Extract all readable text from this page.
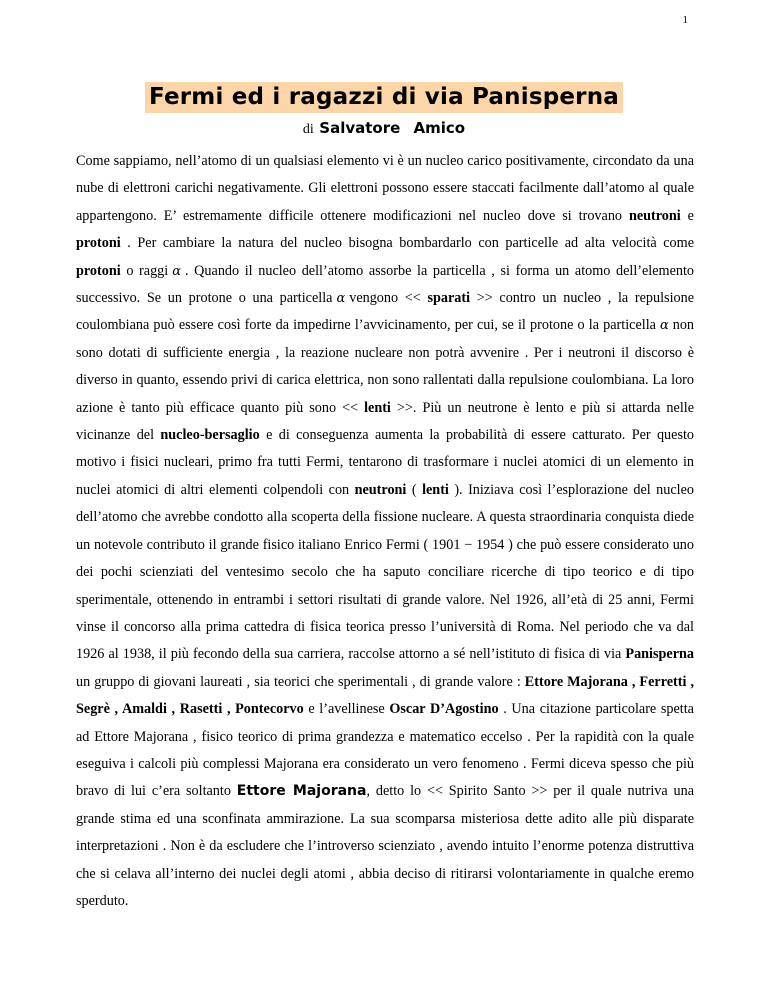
1
Fermi ed i ragazzi di via Panisperna
di Salvatore Amico

Come sappiamo, nell’atomo di un qualsiasi elemento vi è un nucleo carico positivamente, circondato da una nube di elettroni carichi negativamente. Gli elettroni possono essere staccati facilmente dall’atomo al quale appartengono. E’ estremamente difficile ottenere modificazioni nel nucleo dove si trovano neutroni e protoni . Per cambiare la natura del nucleo bisogna bombardarlo con particelle ad alta velocità come protoni o raggi α . Quando il nucleo dell’atomo assorbe la particella , si forma un atomo dell’elemento successivo. Se un protone o una particella α vengono << sparati >> contro un nucleo , la repulsione coulombiana può essere così forte da impedirne l’avvicinamento, per cui, se il protone o la particella α non sono dotati di sufficiente energia , la reazione nucleare non potrà avvenire . Per i neutroni il discorso è diverso in quanto, essendo privi di carica elettrica, non sono rallentati dalla repulsione coulombiana. La loro azione è tanto più efficace quanto più sono << lenti >>. Più un neutrone è lento e più si attarda nelle vicinanze del nucleo-bersaglio e di conseguenza aumenta la probabilità di essere catturato. Per questo motivo i fisici nucleari, primo fra tutti Fermi, tentarono di trasformare i nuclei atomici di un elemento in nuclei atomici di altri elementi colpendoli con neutroni ( lenti ). Iniziava così l’esplorazione del nucleo dell’atomo che avrebbe condotto alla scoperta della fissione nucleare. A questa straordinaria conquista diede un notevole contributo il grande fisico italiano Enrico Fermi ( 1901 − 1954 ) che può essere considerato uno dei pochi scienziati del ventesimo secolo che ha saputo conciliare ricerche di tipo teorico e di tipo sperimentale, ottenendo in entrambi i settori risultati di grande valore. Nel 1926, all’età di 25 anni, Fermi vinse il concorso alla prima cattedra di fisica teorica presso l’università di Roma. Nel periodo che va dal 1926 al 1938, il più fecondo della sua carriera, raccolse attorno a sé nell’istituto di fisica di via Panisperna un gruppo di giovani laureati , sia teorici che sperimentali , di grande valore : Ettore Majorana , Ferretti , Segrè , Amaldi , Rasetti , Pontecorvo e l’avellinese Oscar D’Agostino . Una citazione particolare spetta ad Ettore Majorana , fisico teorico di prima grandezza e matematico eccelso . Per la rapidità con la quale eseguiva i calcoli più complessi Majorana era considerato un vero fenomeno . Fermi diceva spesso che più bravo di lui c’era soltanto Ettore Majorana, detto lo << Spirito Santo >> per il quale nutriva una grande stima ed una sconfinata ammirazione. La sua scomparsa misteriosa dette adito alle più disparate interpretazioni . Non è da escludere che l’introverso scienziato , avendo intuito l’enorme potenza distruttiva che si celava all’interno dei nuclei degli atomi , abbia deciso di ritirarsi volontariamente in qualche eremo sperduto.
